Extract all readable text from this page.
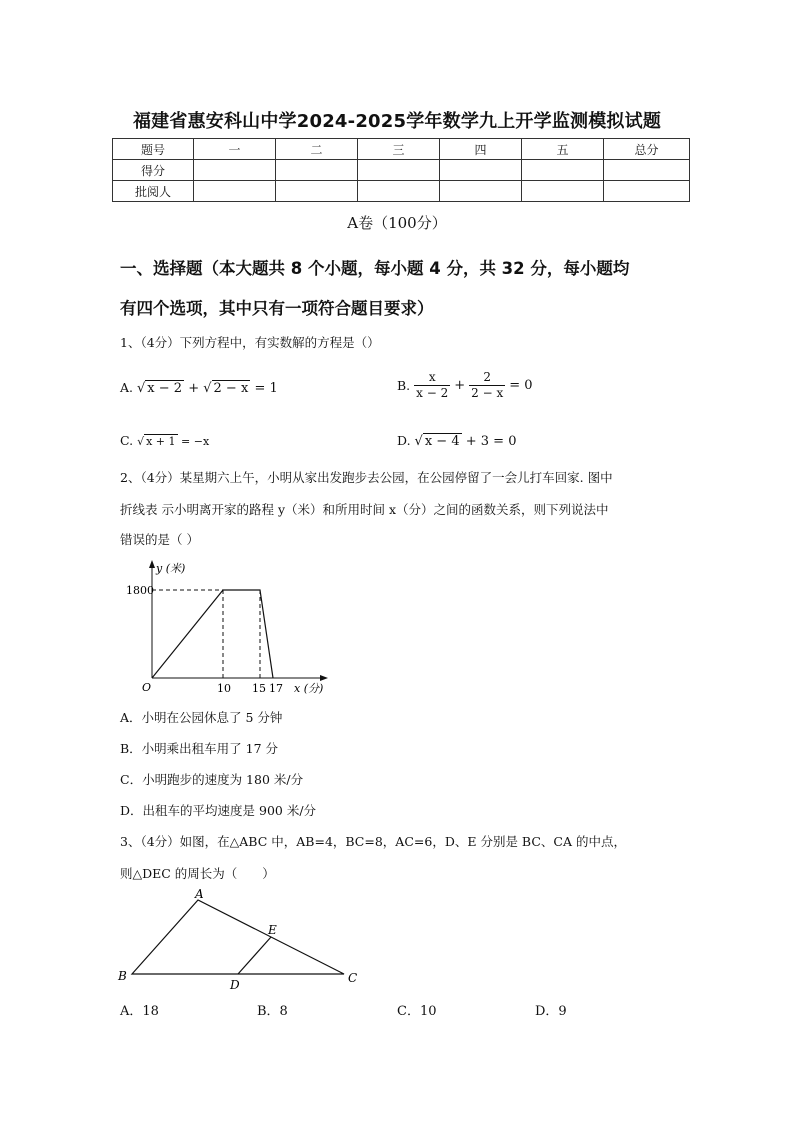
福建省惠安科山中学2024-2025学年数学九上开学监测模拟试题
题号	一	二	三	四	五	总分
得分						
批阅人						
A卷（100分）
一、选择题（本大题共 8 个小题，每小题 4 分，共 32 分，每小题均
有四个选项，其中只有一项符合题目要求）
1、（4分）下列方程中，有实数解的方程是（）
A. √ x − 2 + √ 2 − x = 1	B. $\frac{x}{x - 2} + \frac{2}{2 - x} = 0$
C. √ x + 1 = −x	D. √ x − 4 + 3 = 0
2、（4分）某星期六上午，小明从家出发跑步去公园，在公园停留了一会儿打车回家. 图中
折线表 示小明离开家的路程 y（米）和所用时间 x（分）之间的函数关系，则下列说法中
错误的是（ ）
y (米)
1800
O	10 15 17 x (分)
A．小明在公园休息了 5 分钟
B．小明乘出租车用了 17 分
C．小明跑步的速度为 180 米/分
D．出租车的平均速度是 900 米/分
3、（4分）如图，在△ABC 中，AB=4，BC=8，AC=6，D、E 分别是 BC、CA 的中点，
则△DEC 的周长为（　　）
A
B	C
D
E
A．18	B．8	C．10	D．9
